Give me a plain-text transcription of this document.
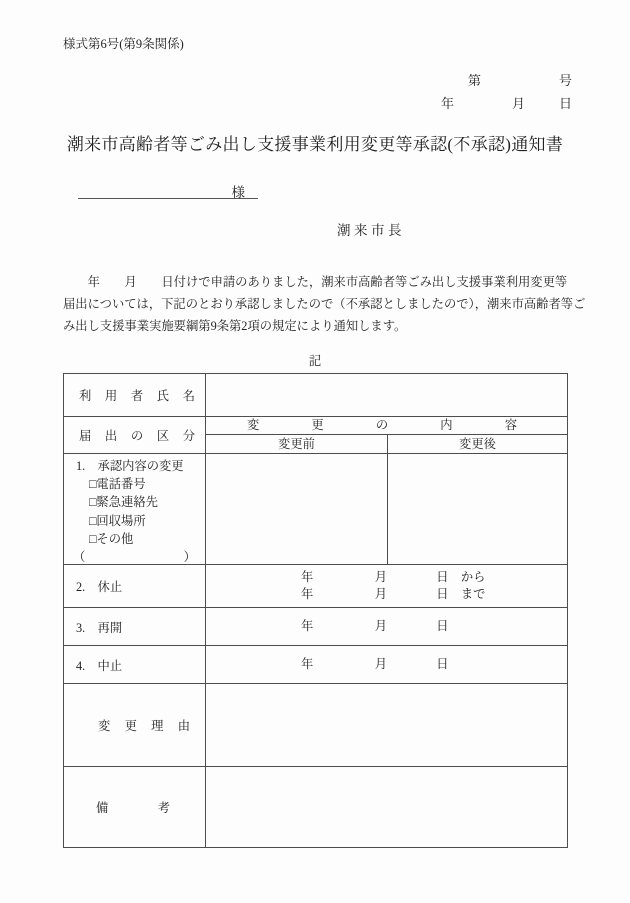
様式第6号(第9条関係)
第	号
年	月	日
潮来市高齢者等ごみ出し支援事業利用変更等承認(不承認)通知書
様
潮来市長
　　年　　月　　日付けで申請のありました，潮来市高齢者等ごみ出し支援事業利用変更等
届出については，下記のとおり承認しましたので（不承認としましたので），潮来市高齢者等ご
み出し支援事業実施要綱第9条第2項の規定により通知します。
記
利　用　者　氏　名
届　出　の　区　分
変　　更　　の　　内　　容
変更前	変更後
1.　承認内容の変更
□電話番号
□緊急連絡先
□回収場所
□その他
（　　　　　　　　）
2.　休止
年　　　　　月　　　　日　から
年　　　　　月　　　　日　まで
3.　再開	年　　　　　月　　　　日
4.　中止	年　　　　　月　　　　日
変　更　理　由
備　　　　考
